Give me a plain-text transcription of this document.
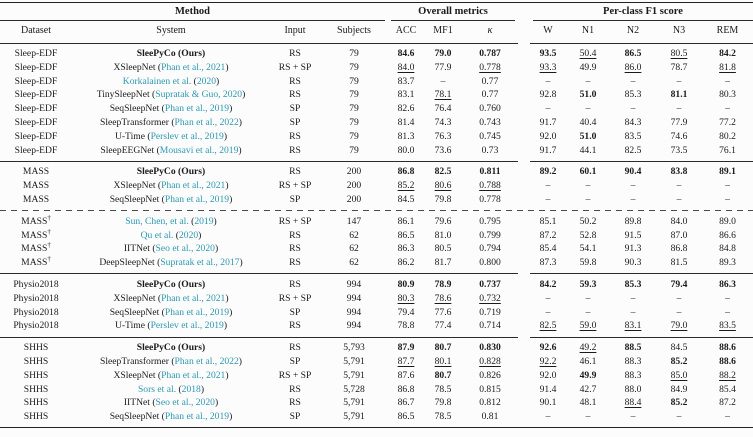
Method	Overall metrics	Per-class F1 score
Dataset	System	Input	Subjects	ACC	MF1	κ	W	N1	N2	N3	REM
Sleep-EDF	SleePyCo (Ours)	RS	79	84.6	79.0	0.787	93.5	50.4	86.5	80.5	84.2
Sleep-EDF	XSleepNet (Phan et al., 2021)	RS + SP	79	84.0	77.9	0.778	93.3	49.9	86.0	78.7	81.8
Sleep-EDF	Korkalainen et al. (2020)	RS	79	83.7	–	0.77	–	–	–	–	–
Sleep-EDF	TinySleepNet (Supratak & Guo, 2020)	RS	79	83.1	78.1	0.77	92.8	51.0	85.3	81.1	80.3
Sleep-EDF	SeqSleepNet (Phan et al., 2019)	SP	79	82.6	76.4	0.760	–	–	–	–	–
Sleep-EDF	SleepTransformer (Phan et al., 2022)	SP	79	81.4	74.3	0.743	91.7	40.4	84.3	77.9	77.2
Sleep-EDF	U-Time (Perslev et al., 2019)	RS	79	81.3	76.3	0.745	92.0	51.0	83.5	74.6	80.2
Sleep-EDF	SleepEEGNet (Mousavi et al., 2019)	RS	79	80.0	73.6	0.73	91.7	44.1	82.5	73.5	76.1
MASS	SleePyCo (Ours)	RS	200	86.8	82.5	0.811	89.2	60.1	90.4	83.8	89.1
MASS	XSleepNet (Phan et al., 2021)	RS + SP	200	85.2	80.6	0.788	–	–	–	–	–
MASS	SeqSleepNet (Phan et al., 2019)	SP	200	84.5	79.8	0.778	–	–	–	–	–
MASS†	Sun, Chen, et al. (2019)	RS + SP	147	86.1	79.6	0.795	85.1	50.2	89.8	84.0	89.0
MASS†	Qu et al. (2020)	RS	62	86.5	81.0	0.799	87.2	52.8	91.5	87.0	86.6
MASS†	IITNet (Seo et al., 2020)	RS	62	86.3	80.5	0.794	85.4	54.1	91.3	86.8	84.8
MASS†	DeepSleepNet (Supratak et al., 2017)	RS	62	86.2	81.7	0.800	87.3	59.8	90.3	81.5	89.3
Physio2018	SleePyCo (Ours)	RS	994	80.9	78.9	0.737	84.2	59.3	85.3	79.4	86.3
Physio2018	XSleepNet (Phan et al., 2021)	RS + SP	994	80.3	78.6	0.732	–	–	–	–	–
Physio2018	SeqSleepNet (Phan et al., 2019)	SP	994	79.4	77.6	0.719	–	–	–	–	–
Physio2018	U-Time (Perslev et al., 2019)	RS	994	78.8	77.4	0.714	82.5	59.0	83.1	79.0	83.5
SHHS	SleePyCo (Ours)	RS	5,793	87.9	80.7	0.830	92.6	49.2	88.5	84.5	88.6
SHHS	SleepTransformer (Phan et al., 2022)	SP	5,791	87.7	80.1	0.828	92.2	46.1	88.3	85.2	88.6
SHHS	XSleepNet (Phan et al., 2021)	RS + SP	5,791	87.6	80.7	0.826	92.0	49.9	88.3	85.0	88.2
SHHS	Sors et al. (2018)	RS	5,728	86.8	78.5	0.815	91.4	42.7	88.0	84.9	85.4
SHHS	IITNet (Seo et al., 2020)	RS	5,791	86.7	79.8	0.812	90.1	48.1	88.4	85.2	87.2
SHHS	SeqSleepNet (Phan et al., 2019)	SP	5,791	86.5	78.5	0.81	–	–	–	–	–
